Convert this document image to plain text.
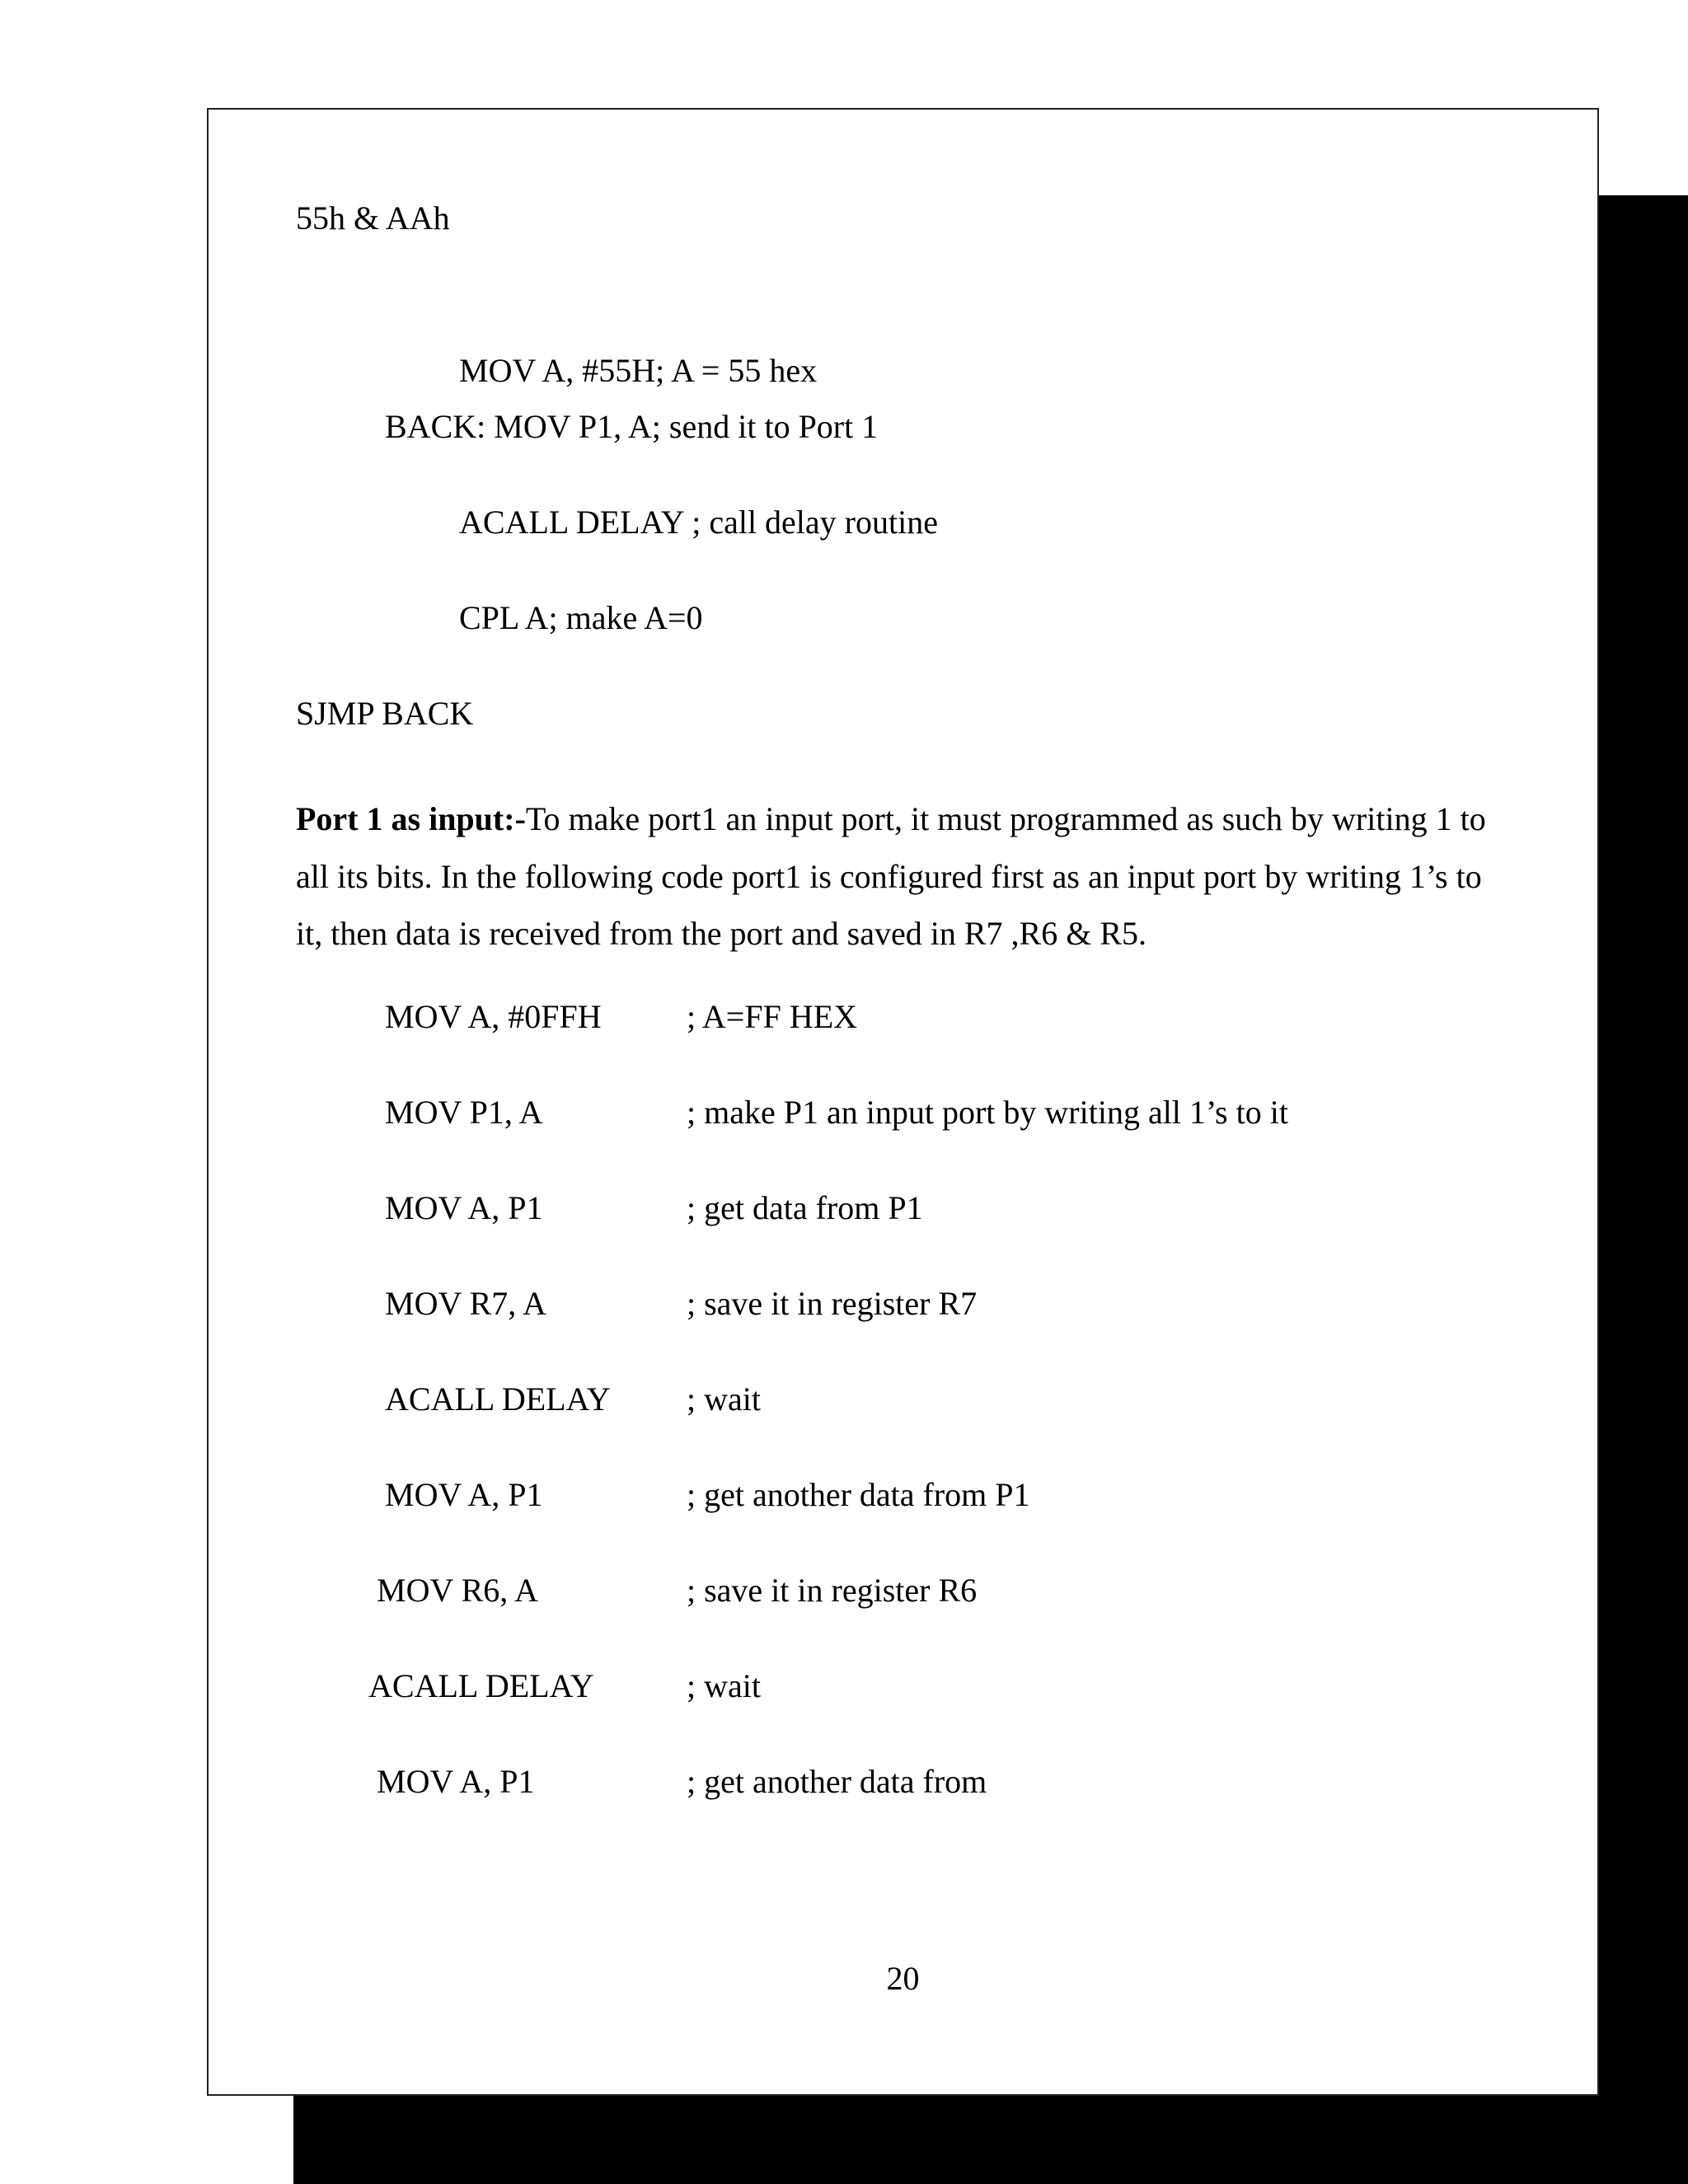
55h & AAh
MOV A, #55H; A = 55 hex
BACK: MOV P1, A; send it to Port 1
ACALL DELAY ; call delay routine
CPL A; make A=0
SJMP BACK
Port 1 as input:-To make port1 an input port, it must programmed as such by writing 1 to all its bits. In the following code port1 is configured first as an input port by writing 1’s to it, then data is received from the port and saved in R7 ,R6 & R5.
MOV A, #0FFH	; A=FF HEX
MOV P1, A	; make P1 an input port by writing all 1’s to it
MOV A, P1	; get data from P1
MOV R7, A	; save it in register R7
ACALL DELAY ; wait
MOV A, P1	; get another data from P1
MOV R6, A	; save it in register R6
ACALL DELAY	; wait
MOV A, P1	; get another data from
20
